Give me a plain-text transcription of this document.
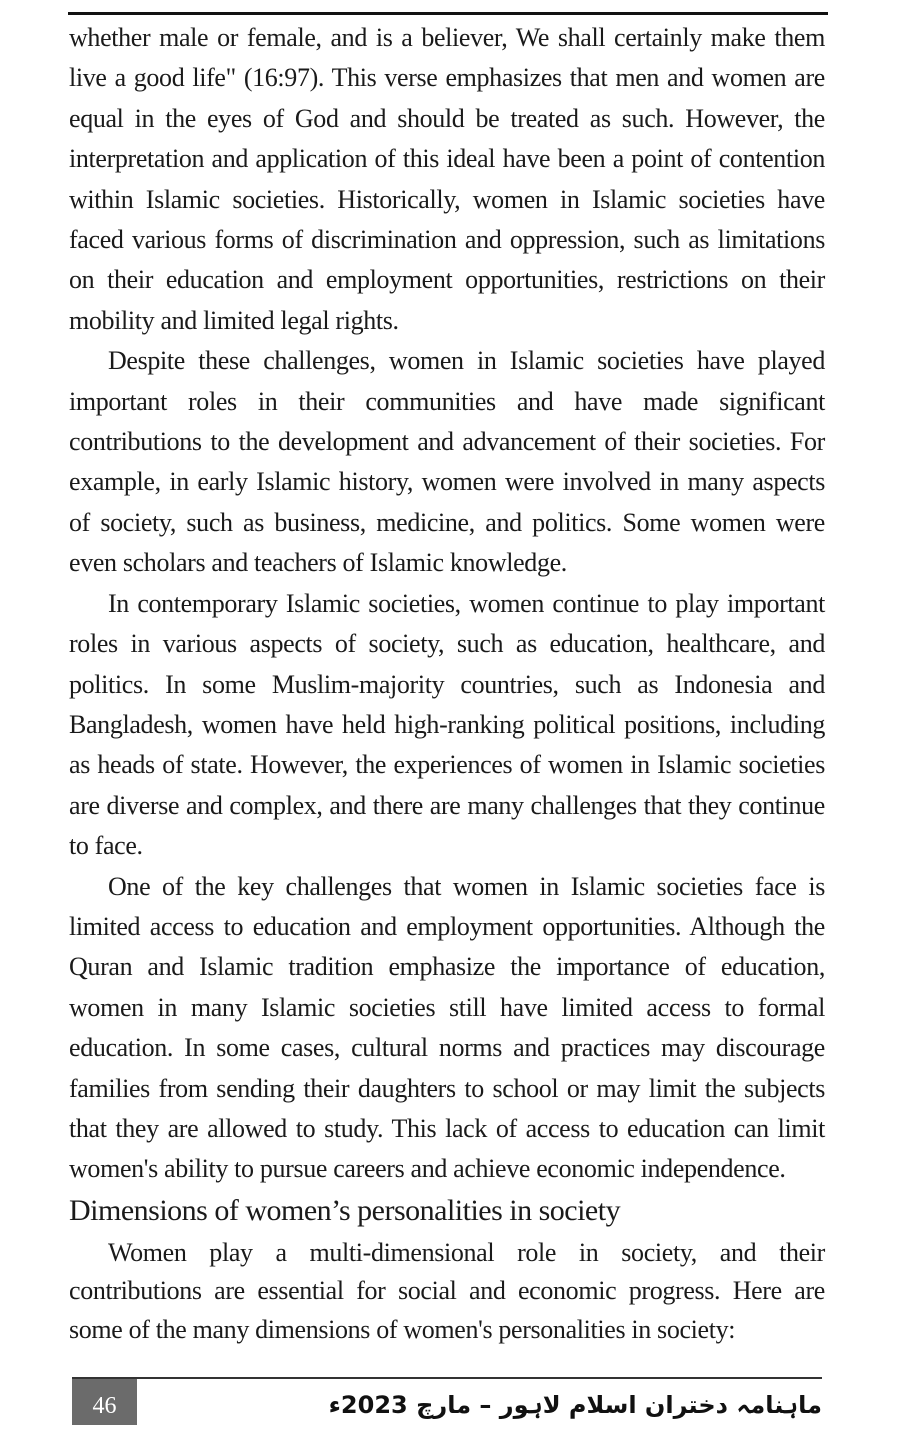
whether male or female, and is a believer, We shall certainly make them live a good life" (16:97). This verse emphasizes that men and women are equal in the eyes of God and should be treated as such. However, the interpretation and application of this ideal have been a point of contention within Islamic societies. Historically, women in Islamic societies have faced various forms of discrimination and oppression, such as limitations on their education and employment opportunities, restrictions on their mobility and limited legal rights.

Despite these challenges, women in Islamic societies have played important roles in their communities and have made significant contributions to the development and advancement of their societies. For example, in early Islamic history, women were involved in many aspects of society, such as business, medicine, and politics. Some women were even scholars and teachers of Islamic knowledge.

In contemporary Islamic societies, women continue to play important roles in various aspects of society, such as education, healthcare, and politics. In some Muslim-majority countries, such as Indonesia and Bangladesh, women have held high-ranking political positions, including as heads of state. However, the experiences of women in Islamic societies are diverse and complex, and there are many challenges that they continue to face.

One of the key challenges that women in Islamic societies face is limited access to education and employment opportunities. Although the Quran and Islamic tradition emphasize the importance of education, women in many Islamic societies still have limited access to formal education. In some cases, cultural norms and practices may discourage families from sending their daughters to school or may limit the subjects that they are allowed to study. This lack of access to education can limit women's ability to pursue careers and achieve economic independence.

Dimensions of women’s personalities in society

Women play a multi-dimensional role in society, and their contributions are essential for social and economic progress. Here are some of the many dimensions of women's personalities in society:

46	ماہنامہ دختران اسلام لاہور – مارچ 2023ء
